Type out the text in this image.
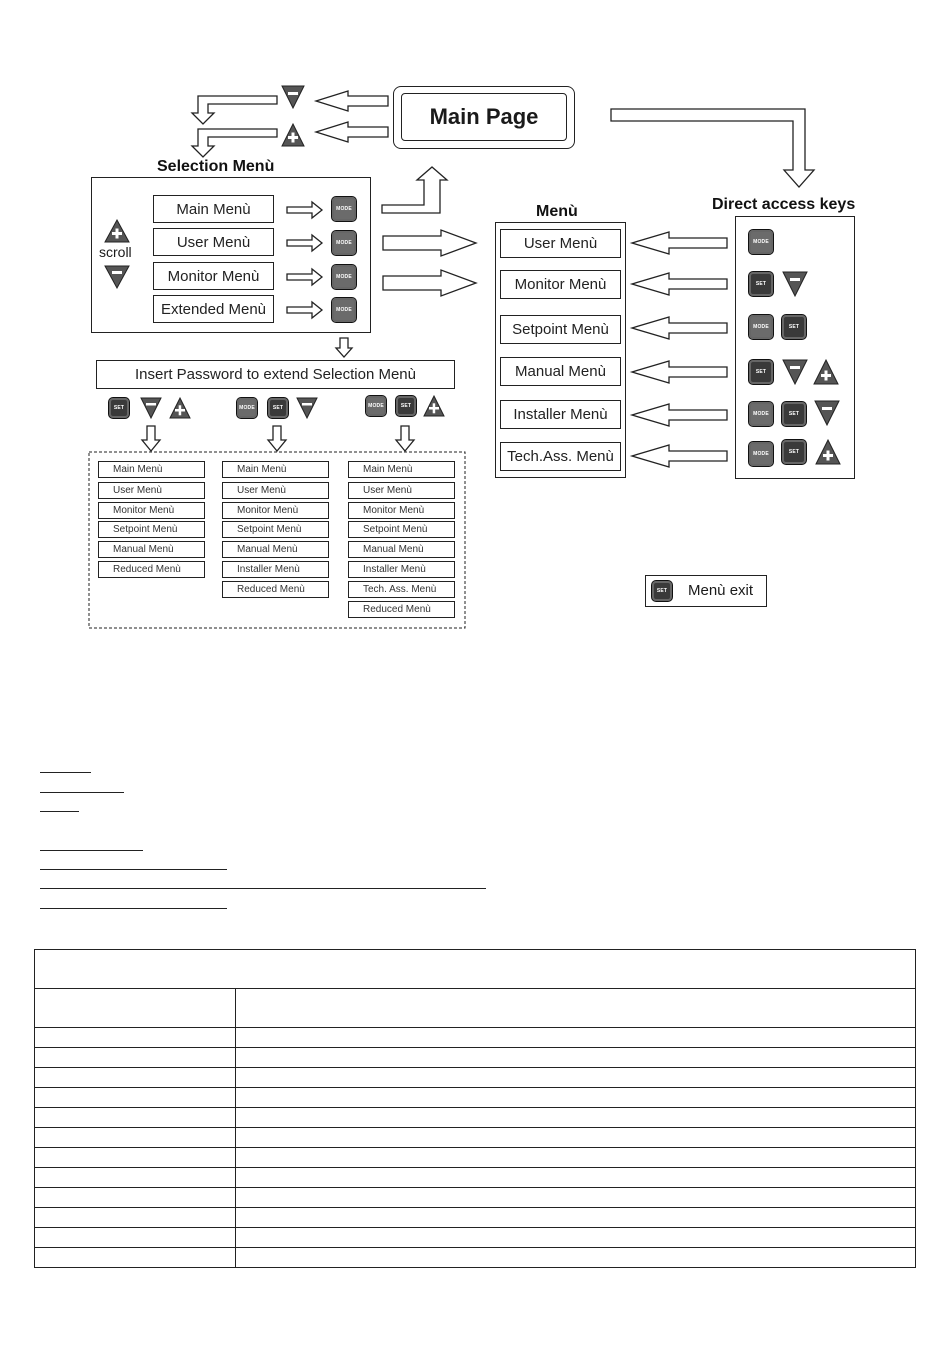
Main Page
Selection Menù
scroll
Main Menù
User Menù
Monitor Menù
Extended Menù
MODE
MODE
MODE
MODE
Insert Password to extend Selection Menù
SET	MODE	SET	MODE	SET
Main Menù
User Menù
Monitor Menù
Setpoint Menù
Manual Menù
Reduced Menù
Main Menù
User Menù
Monitor Menù
Setpoint Menù
Manual Menù
Installer Menù
Reduced Menù
Main Menù
User Menù
Monitor Menù
Setpoint Menù
Manual Menù
Installer Menù
Tech. Ass. Menù
Reduced Menù
Menù
User Menù
Monitor Menù
Setpoint Menù
Manual Menù
Installer Menù
Tech.Ass. Menù
Direct access keys
MODE
SET
MODE	SET
SET
MODE	SET
MODE	SET
SET	Menù exit
